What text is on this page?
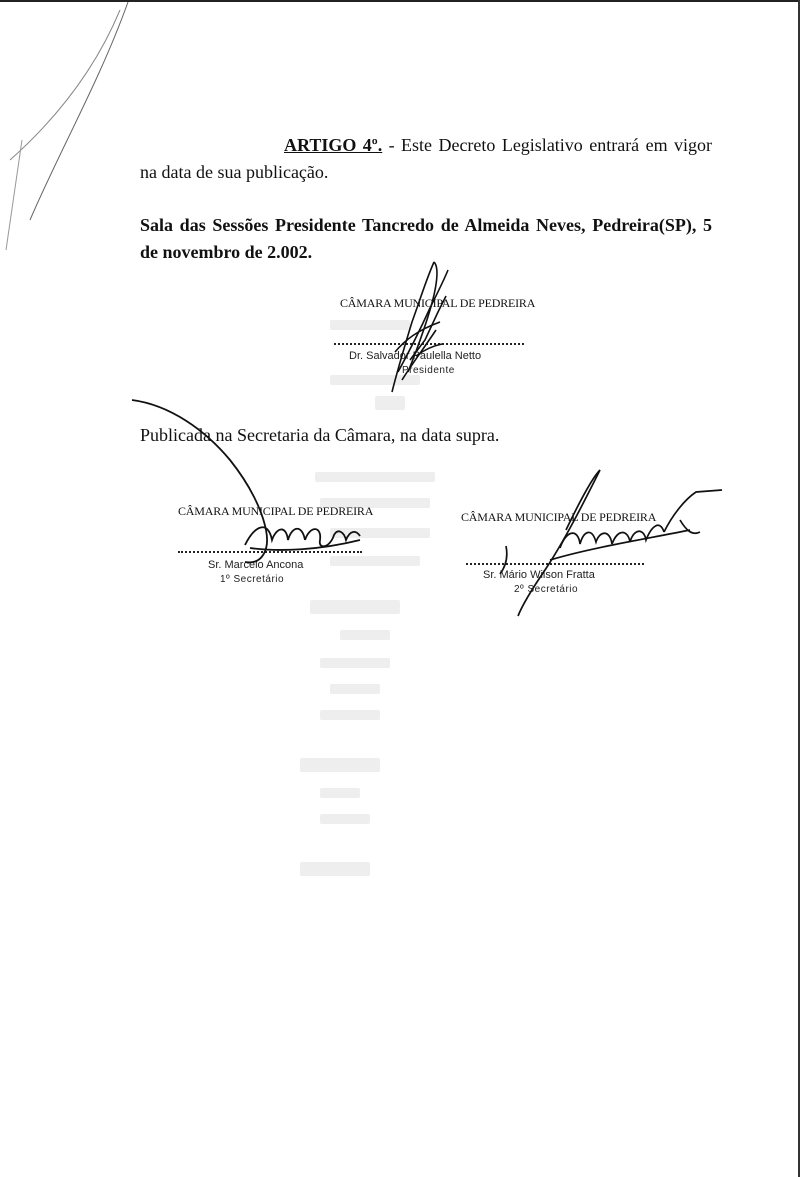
ARTIGO 4º. - Este Decreto Legislativo entrará em vigor na data de sua publicação.
Sala das Sessões Presidente Tancredo de Almeida Neves, Pedreira(SP), 5 de novembro de 2.002.
CÂMARA MUNICIPAL DE PEDREIRA
Dr. Salvador Paulella Netto
Presidente
Publicada na Secretaria da Câmara, na data supra.
CÂMARA MUNICIPAL DE PEDREIRA
Sr. Marcelo Ancona
1º Secretário
CÂMARA MUNICIPAL DE PEDREIRA
Sr. Mário Wilson Fratta
2º Secretário
